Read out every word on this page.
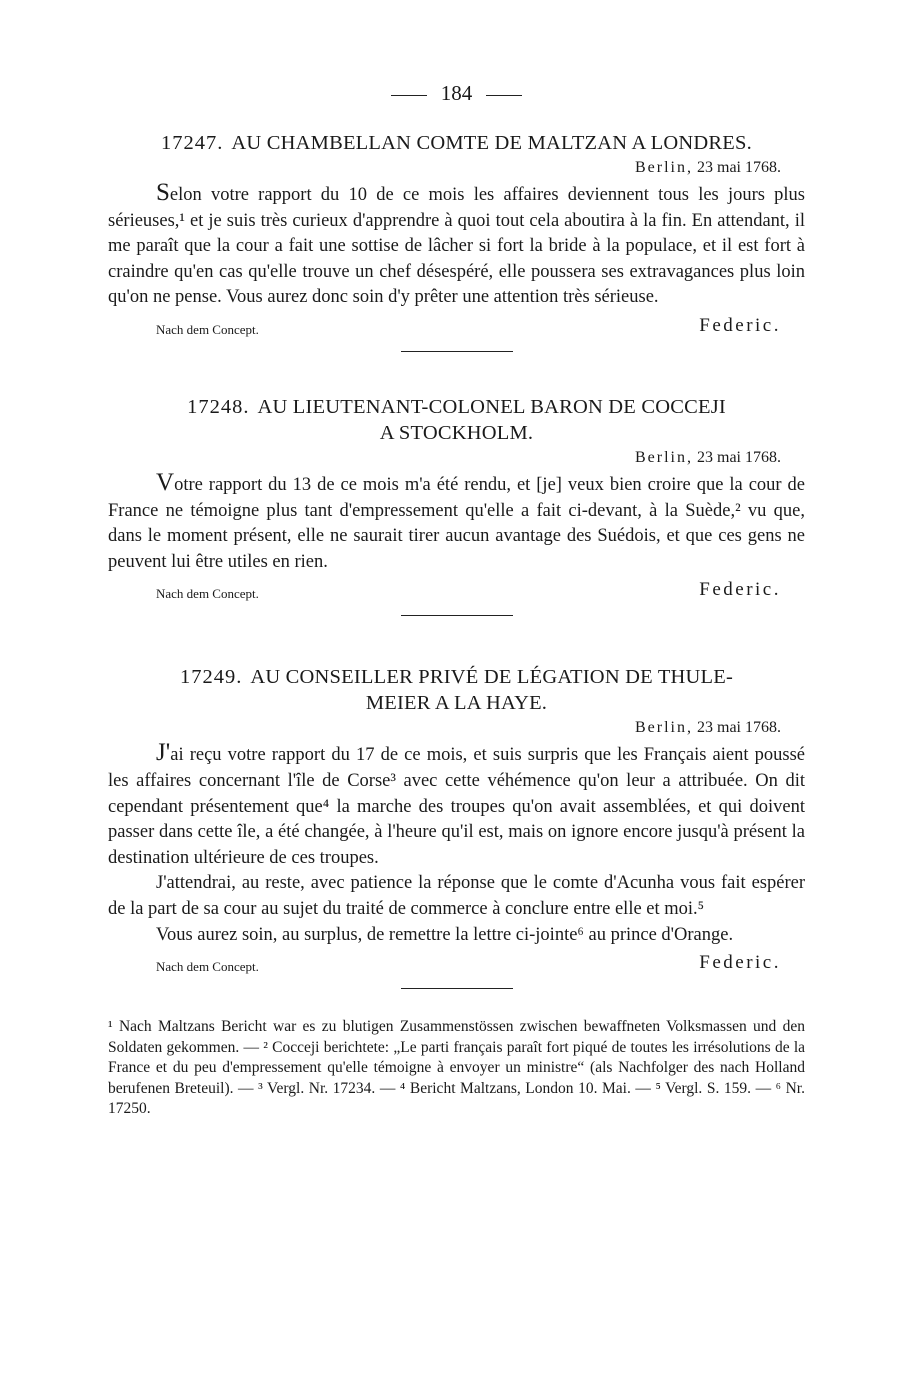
184
17247. AU CHAMBELLAN COMTE DE MALTZAN A LONDRES.
Berlin, 23 mai 1768.

Selon votre rapport du 10 de ce mois les affaires deviennent tous les jours plus sérieuses,¹ et je suis très curieux d'apprendre à quoi tout cela aboutira à la fin. En attendant, il me paraît que la cour a fait une sottise de lâcher si fort la bride à la populace, et il est fort à craindre qu'en cas qu'elle trouve un chef désespéré, elle poussera ses extravagances plus loin qu'on ne pense. Vous aurez donc soin d'y prêter une attention très sérieuse.

Nach dem Concept.	Federic.
17248. AU LIEUTENANT-COLONEL BARON DE COCCEJI
A STOCKHOLM.
Berlin, 23 mai 1768.

Votre rapport du 13 de ce mois m'a été rendu, et [je] veux bien croire que la cour de France ne témoigne plus tant d'empressement qu'elle a fait ci-devant, à la Suède,² vu que, dans le moment présent, elle ne saurait tirer aucun avantage des Suédois, et que ces gens ne peuvent lui être utiles en rien.

Nach dem Concept.	Federic.
17249. AU CONSEILLER PRIVÉ DE LÉGATION DE THULE-
MEIER A LA HAYE.
Berlin, 23 mai 1768.

J'ai reçu votre rapport du 17 de ce mois, et suis surpris que les Français aient poussé les affaires concernant l'île de Corse³ avec cette véhémence qu'on leur a attribuée. On dit cependant présentement que⁴ la marche des troupes qu'on avait assemblées, et qui doivent passer dans cette île, a été changée, à l'heure qu'il est, mais on ignore encore jusqu'à présent la destination ultérieure de ces troupes.

J'attendrai, au reste, avec patience la réponse que le comte d'Acunha vous fait espérer de la part de sa cour au sujet du traité de commerce à conclure entre elle et moi.⁵

Vous aurez soin, au surplus, de remettre la lettre ci-jointe⁶ au prince d'Orange.

Nach dem Concept.	Federic.
¹ Nach Maltzans Bericht war es zu blutigen Zusammenstössen zwischen bewaffneten Volksmassen und den Soldaten gekommen. — ² Cocceji berichtete: „Le parti français paraît fort piqué de toutes les irrésolutions de la France et du peu d'empressement qu'elle témoigne à envoyer un ministre“ (als Nachfolger des nach Holland berufenen Breteuil). — ³ Vergl. Nr. 17234. — ⁴ Bericht Maltzans, London 10. Mai. — ⁵ Vergl. S. 159. — ⁶ Nr. 17250.
